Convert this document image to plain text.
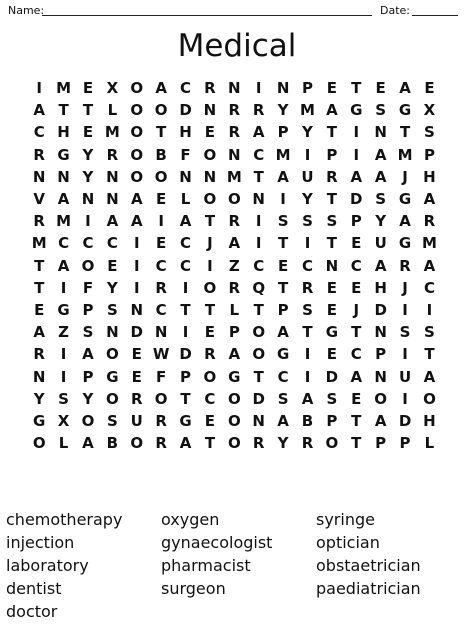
Name:	Date:
Medical
I M E X O A C R N	I	N P E T E A E
A T T L O O D N R R Y M A G S G X
C H E M O T H E R A P Y T	I	N T S
R G Y R O B F O N C M I	P	I	A M P
N N Y N O O N N M T A U R A A	J	H
V A N N A E L O O N	I	Y T D S G A
R M I	A A	I	A T R	I	S S S P Y A R
M C C C	I	E C	J	A	I	T	I	T E U G M
T A O E	I	C C	I	Z C E C N C A R A
T	I	F Y	I	R	I	O R Q T R E E H	J	C
E G P S N C T T L T P S E	J	D	I	I
A Z S N D N	I	E P O A T G T N S S
R	I	A O E W D R A O G	I	E C P	I	T
N	I	P G E F P O G T C	I	D A N U A
Y S Y O R O T C O D S A S E O	I	O
G X O S U R G E O N A B P T A D H
O L A B O R A T O R Y R O T P P L
chemotherapy	oxygen	syringe
injection	gynaecologist	optician
laboratory	pharmacist	obstaetrician
dentist	surgeon	paediatrician
doctor
